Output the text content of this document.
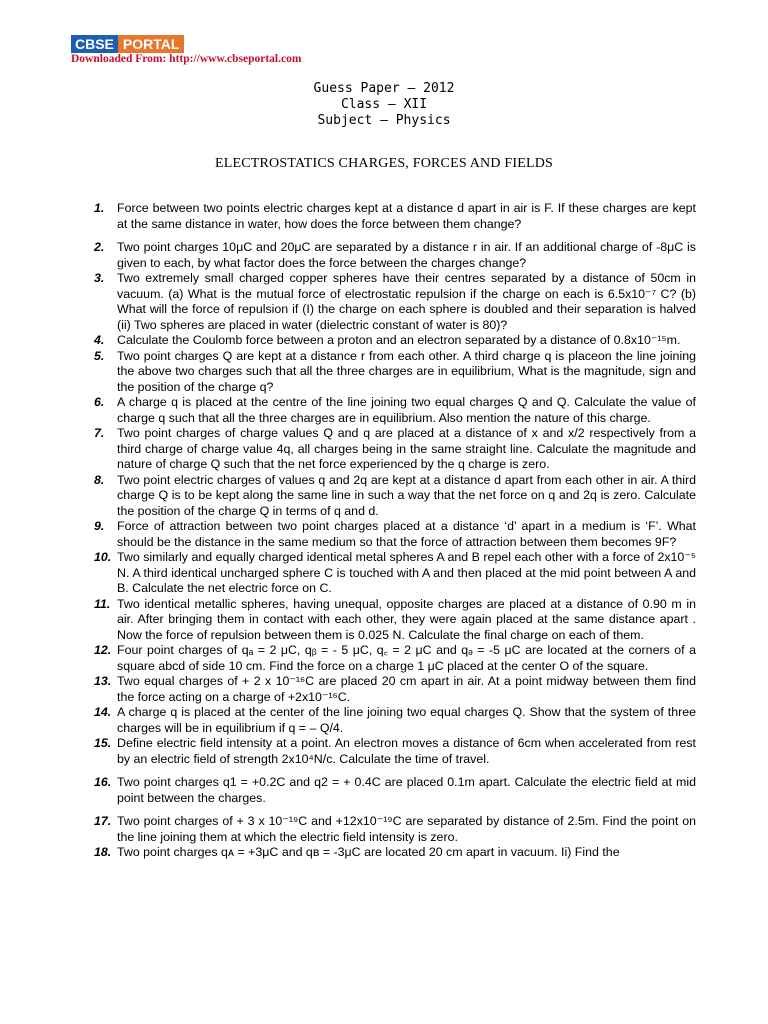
CBSE PORTAL
Downloaded From: http://www.cbseportal.com
Guess Paper – 2012
Class – XII
Subject – Physics
ELECTROSTATICS CHARGES, FORCES AND FIELDS
1. Force between two points electric charges kept at a distance d apart in air is F. If these charges are kept at the same distance in water, how does the force between them change?
2. Two point charges 10μC and 20μC are separated by a distance r in air. If an additional charge of -8μC is given to each, by what factor does the force between the charges change?
3. Two extremely small charged copper spheres have their centres separated by a distance of 50cm in vacuum. (a) What is the mutual force of electrostatic repulsion if the charge on each is 6.5x10⁻⁷ C? (b) What will the force of repulsion if (I) the charge on each sphere is doubled and their separation is halved (ii) Two spheres are placed in water (dielectric constant of water is 80)?
4. Calculate the Coulomb force between a proton and an electron separated by a distance of 0.8x10⁻¹⁵m.
5. Two point charges Q are kept at a distance r from each other. A third charge q is placeon the line joining the above two charges such that all the three charges are in equilibrium, What is the magnitude, sign and the position of the charge q?
6. A charge q is placed at the centre of the line joining two equal charges Q and Q. Calculate the value of charge q such that all the three charges are in equilibrium. Also mention the nature of this charge.
7. Two point charges of charge values Q and q are placed at a distance of x and x/2 respectively from a third charge of charge value 4q, all charges being in the same straight line. Calculate the magnitude and nature of charge Q such that the net force experienced by the q charge is zero.
8. Two point electric charges of values q and 2q are kept at a distance d apart from each other in air. A third charge Q is to be kept along the same line in such a way that the net force on q and 2q is zero. Calculate the position of the charge Q in terms of q and d.
9. Force of attraction between two point charges placed at a distance ‘d’ apart in a medium is ‘F’. What should be the distance in the same medium so that the force of attraction between them becomes 9F?
10. Two similarly and equally charged identical metal spheres A and B repel each other with a force of 2x10⁻⁵ N. A third identical uncharged sphere C is touched with A and then placed at the mid point between A and B. Calculate the net electric force on C.
11. Two identical metallic spheres, having unequal, opposite charges are placed at a distance of 0.90 m in air. After bringing them in contact with each other, they were again placed at the same distance apart . Now the force of repulsion between them is 0.025 N. Calculate the final charge on each of them.
12. Four point charges of qₐ = 2 μC, qᵦ = - 5 μC, q꜀ = 2 μC and qₔ = -5 μC are located at the corners of a square abcd of side 10 cm. Find the force on a charge 1 μC placed at the center O of the square.
13. Two equal charges of + 2 x 10⁻¹⁶C are placed 20 cm apart in air. At a point midway between them find the force acting on a charge of +2x10⁻¹⁶C.
14. A charge q is placed at the center of the line joining two equal charges Q. Show that the system of three charges will be in equilibrium if q = – Q/4.
15. Define electric field intensity at a point. An electron moves a distance of 6cm when accelerated from rest by an electric field of strength 2x10⁴N/c. Calculate the time of travel.
16. Two point charges q1 = +0.2C and q2 = + 0.4C are placed 0.1m apart. Calculate the electric field at mid point between the charges.
17. Two point charges of + 3 x 10⁻¹⁹C and +12x10⁻¹⁹C are separated by distance of 2.5m. Find the point on the line joining them at which the electric field intensity is zero.
18. Two point charges qᴀ = +3μC and qʙ = -3μC are located 20 cm apart in vacuum. Ii) Find the
